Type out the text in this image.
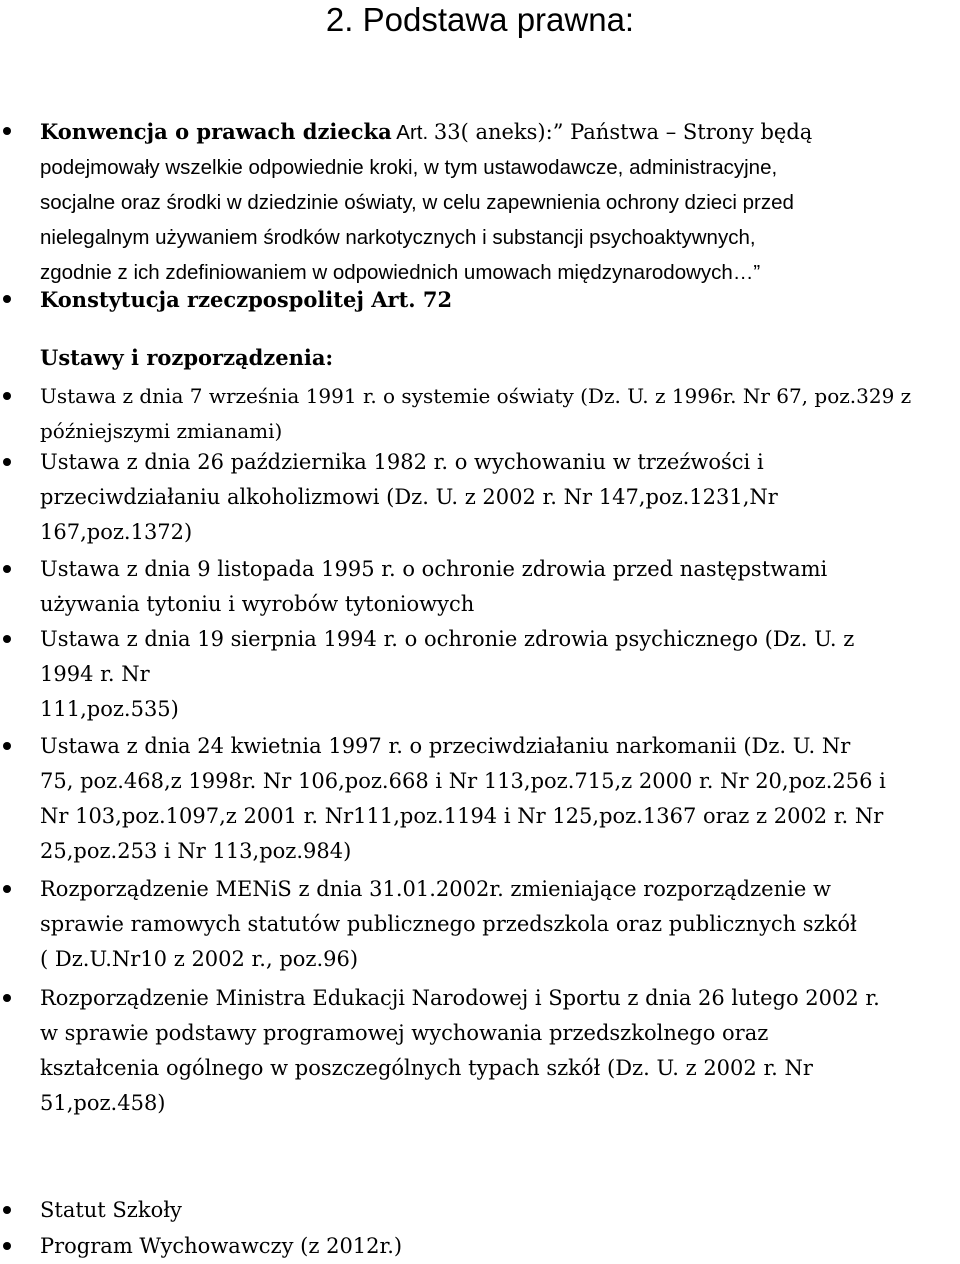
2. Podstawa prawna:
Konwencja o prawach dziecka Art. 33( aneks):” Państwa – Strony będą
podejmowały wszelkie odpowiednie kroki, w tym ustawodawcze, administracyjne,
socjalne oraz środki w dziedzinie oświaty, w celu zapewnienia ochrony dzieci przed
nielegalnym używaniem środków narkotycznych i substancji psychoaktywnych,
zgodnie z ich zdefiniowaniem w odpowiednich umowach międzynarodowych…”
Konstytucja rzeczpospolitej Art. 72
Ustawy i rozporządzenia:
Ustawa z dnia 7 września 1991 r. o systemie oświaty (Dz. U. z 1996r. Nr 67, poz.329 z
późniejszymi zmianami)
Ustawa z dnia 26 października 1982 r. o wychowaniu w trzeźwości i
przeciwdziałaniu alkoholizmowi (Dz. U. z 2002 r. Nr 147,poz.1231,Nr
167,poz.1372)
Ustawa z dnia 9 listopada 1995 r. o ochronie zdrowia przed następstwami
używania tytoniu i wyrobów tytoniowych
Ustawa z dnia 19 sierpnia 1994 r. o ochronie zdrowia psychicznego (Dz. U. z
1994 r. Nr
111,poz.535)
Ustawa z dnia 24 kwietnia 1997 r. o przeciwdziałaniu narkomanii (Dz. U. Nr
75, poz.468,z 1998r. Nr 106,poz.668 i Nr 113,poz.715,z 2000 r. Nr 20,poz.256 i
Nr 103,poz.1097,z 2001 r. Nr111,poz.1194 i Nr 125,poz.1367 oraz z 2002 r. Nr
25,poz.253 i Nr 113,poz.984)
Rozporządzenie MENiS z dnia 31.01.2002r. zmieniające rozporządzenie w
sprawie ramowych statutów publicznego przedszkola oraz publicznych szkół
( Dz.U.Nr10 z 2002 r., poz.96)
Rozporządzenie Ministra Edukacji Narodowej i Sportu z dnia 26 lutego 2002 r.
w sprawie podstawy programowej wychowania przedszkolnego oraz
kształcenia ogólnego w poszczególnych typach szkół (Dz. U. z 2002 r. Nr
51,poz.458)
Statut Szkoły
Program Wychowawczy (z 2012r.)
